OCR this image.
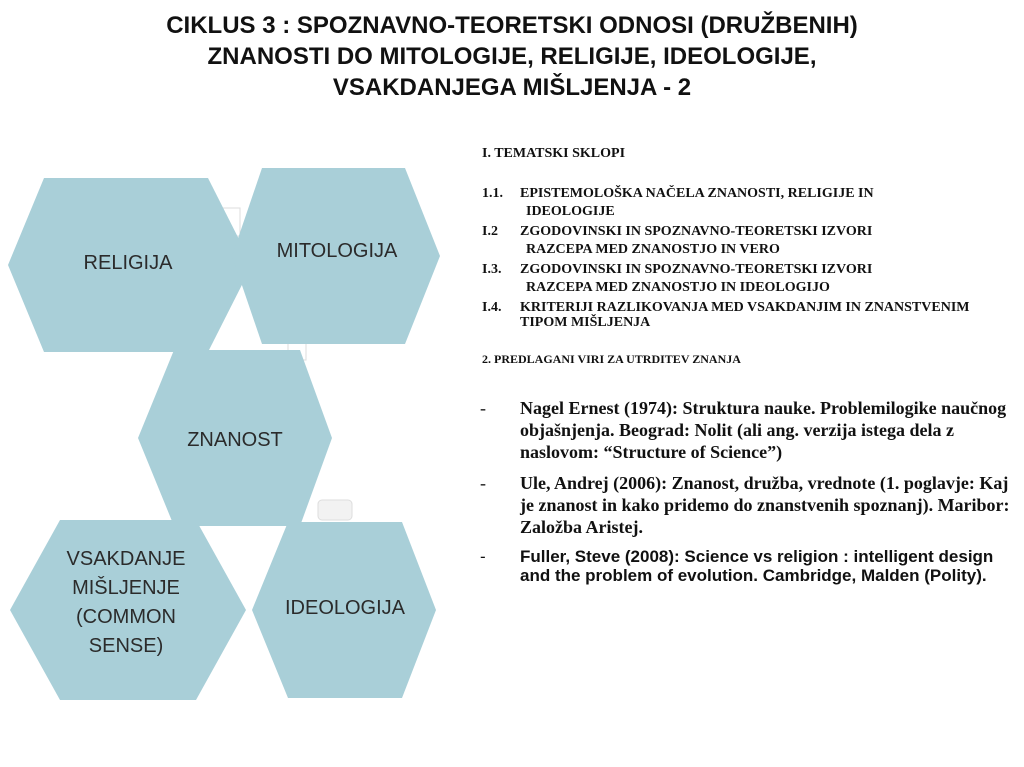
CIKLUS 3 : SPOZNAVNO-TEORETSKI ODNOSI (DRUŽBENIH)
ZNANOSTI DO MITOLOGIJE, RELIGIJE, IDEOLOGIJE,
VSAKDANJEGA MIŠLJENJA - 2
RELIGIJA
MITOLOGIJA
ZNANOST
VSAKDANJE
MIŠLJENJE
(COMMON
SENSE)
IDEOLOGIJA
I. TEMATSKI SKLOPI
1.1. EPISTEMOLOŠKA NAČELA ZNANOSTI, RELIGIJE IN
IDEOLOGIJE
I.2 ZGODOVINSKI IN SPOZNAVNO-TEORETSKI IZVORI
RAZCEPA MED ZNANOSTJO IN VERO
I.3. ZGODOVINSKI IN SPOZNAVNO-TEORETSKI IZVORI
RAZCEPA MED ZNANOSTJO IN IDEOLOGIJO
I.4. KRITERIJI RAZLIKOVANJA MED VSAKDANJIM IN ZNANSTVENIM TIPOM MIŠLJENJA
2. PREDLAGANI VIRI ZA UTRDITEV ZNANJA
- Nagel Ernest (1974): Struktura nauke. Problemilogike naučnog objašnjenja. Beograd: Nolit (ali ang. verzija istega dela z naslovom: “Structure of Science”)
- Ule, Andrej (2006): Znanost, družba, vrednote (1. poglavje: Kaj je znanost in kako pridemo do znanstvenih spoznanj). Maribor: Založba Aristej.
- Fuller, Steve (2008): Science vs religion : intelligent design and the problem of evolution. Cambridge, Malden (Polity).
